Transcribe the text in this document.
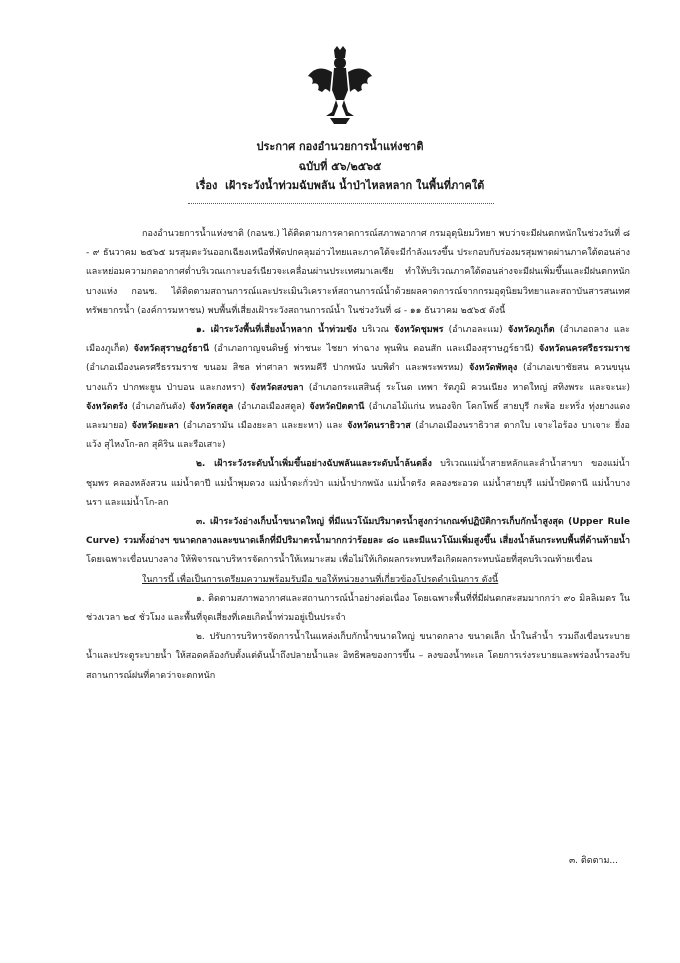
ประกาศ กองอำนวยการน้ำแห่งชาติ
ฉบับที่ ๕๖/๒๕๖๕
เรื่อง เฝ้าระวังน้ำท่วมฉับพลัน น้ำป่าไหลหลาก ในพื้นที่ภาคใต้

กองอำนวยการน้ำแห่งชาติ (กอนช.) ได้ติดตามการคาดการณ์สภาพอากาศ กรมอุตุนิยมวิทยา พบว่าจะมีฝนตกหนักในช่วงวันที่ ๘ - ๙ ธันวาคม ๒๕๖๕ มรสุมตะวันออกเฉียงเหนือที่พัดปกคลุมอ่าวไทยและภาคใต้จะมีกำลังแรงขึ้น ประกอบกับร่องมรสุมพาดผ่านภาคใต้ตอนล่าง และหย่อมความกดอากาศต่ำบริเวณเกาะบอร์เนียวจะเคลื่อนผ่านประเทศมาเลเซีย ทำให้บริเวณภาคใต้ตอนล่างจะมีฝนเพิ่มขึ้นและมีฝนตกหนักบางแห่ง กอนช. ได้ติดตามสถานการณ์และประเมินวิเคราะห์สถานการณ์น้ำด้วยผลคาดการณ์จากกรมอุตุนิยมวิทยาและสถาบันสารสนเทศทรัพยากรน้ำ (องค์การมหาชน) พบพื้นที่เสี่ยงเฝ้าระวังสถานการณ์น้ำ ในช่วงวันที่ ๘ - ๑๑ ธันวาคม ๒๕๖๕ ดังนี้

๑. เฝ้าระวังพื้นที่เสี่ยงน้ำหลาก น้ำท่วมขัง บริเวณ จังหวัดชุมพร (อำเภอละแม) จังหวัดภูเก็ต (อำเภอถลาง และเมืองภูเก็ต) จังหวัดสุราษฎร์ธานี (อำเภอกาญจนดิษฐ์ ท่าชนะ ไชยา ท่าฉาง พุนพิน ดอนสัก และเมืองสุราษฎร์ธานี) จังหวัดนครศรีธรรมราช (อำเภอเมืองนครศรีธรรมราช ขนอม สิชล ท่าศาลา พรหมคีรี ปากพนัง นบพิตำ และพระพรหม) จังหวัดพัทลุง (อำเภอเขาชัยสน ควนขนุน บางแก้ว ปากพะยูน ป่าบอน และกงหรา) จังหวัดสงขลา (อำเภอกระแสสินธุ์ ระโนด เทพา รัตภูมิ ควนเนียง หาดใหญ่ สทิงพระ และจะนะ) จังหวัดตรัง (อำเภอกันตัง) จังหวัดสตูล (อำเภอเมืองสตูล) จังหวัดปัตตานี (อำเภอไม้แก่น หนองจิก โคกโพธิ์ สายบุรี กะพ้อ ยะหริ่ง ทุ่งยางแดง และมายอ) จังหวัดยะลา (อำเภอรามัน เมืองยะลา และยะหา) และ จังหวัดนราธิวาส (อำเภอเมืองนราธิวาส ตากใบ เจาะไอร้อง บาเจาะ ยี่งอ แว้ง สุไหงโก-ลก สุคิริน และรือเสาะ)

๒. เฝ้าระวังระดับน้ำเพิ่มขึ้นอย่างฉับพลันและระดับน้ำล้นตลิ่ง บริเวณแม่น้ำสายหลักและลำน้ำสาขา ของแม่น้ำชุมพร คลองหลังสวน แม่น้ำตาปี แม่น้ำพุมดวง แม่น้ำตะกั่วป่า แม่น้ำปากพนัง แม่น้ำตรัง คลองชะอวด แม่น้ำสายบุรี แม่น้ำปัตตานี แม่น้ำบางนรา และแม่น้ำโก-ลก

๓. เฝ้าระวังอ่างเก็บน้ำขนาดใหญ่ ที่มีแนวโน้มปริมาตรน้ำสูงกว่าเกณฑ์ปฏิบัติการเก็บกักน้ำสูงสุด (Upper Rule Curve) รวมทั้งอ่างฯ ขนาดกลางและขนาดเล็กที่มีปริมาตรน้ำมากกว่าร้อยละ ๘๐ และมีแนวโน้มเพิ่มสูงขึ้น เสี่ยงน้ำล้นกระทบพื้นที่ด้านท้ายน้ำ โดยเฉพาะเขื่อนบางลาง ให้พิจารณาบริหารจัดการน้ำให้เหมาะสม เพื่อไม่ให้เกิดผลกระทบหรือเกิดผลกระทบน้อยที่สุดบริเวณท้ายเขื่อน

ในการนี้ เพื่อเป็นการเตรียมความพร้อมรับมือ ขอให้หน่วยงานที่เกี่ยวข้องโปรดดำเนินการ ดังนี้

๑. ติดตามสภาพอากาศและสถานการณ์น้ำอย่างต่อเนื่อง โดยเฉพาะพื้นที่ที่มีฝนตกสะสมมากกว่า ๙๐ มิลลิเมตร ในช่วงเวลา ๒๔ ชั่วโมง และพื้นที่จุดเสี่ยงที่เคยเกิดน้ำท่วมอยู่เป็นประจำ

๒. ปรับการบริหารจัดการน้ำในแหล่งเก็บกักน้ำขนาดใหญ่ ขนาดกลาง ขนาดเล็ก น้ำในลำน้ำ รวมถึงเขื่อนระบายน้ำและประตูระบายน้ำ ให้สอดคล้องกับตั้งแต่ต้นน้ำถึงปลายน้ำและ อิทธิพลของการขึ้น – ลงของน้ำทะเล โดยการเร่งระบายและพร่องน้ำรองรับสถานการณ์ฝนที่คาดว่าจะตกหนัก

๓. ติดตาม...
